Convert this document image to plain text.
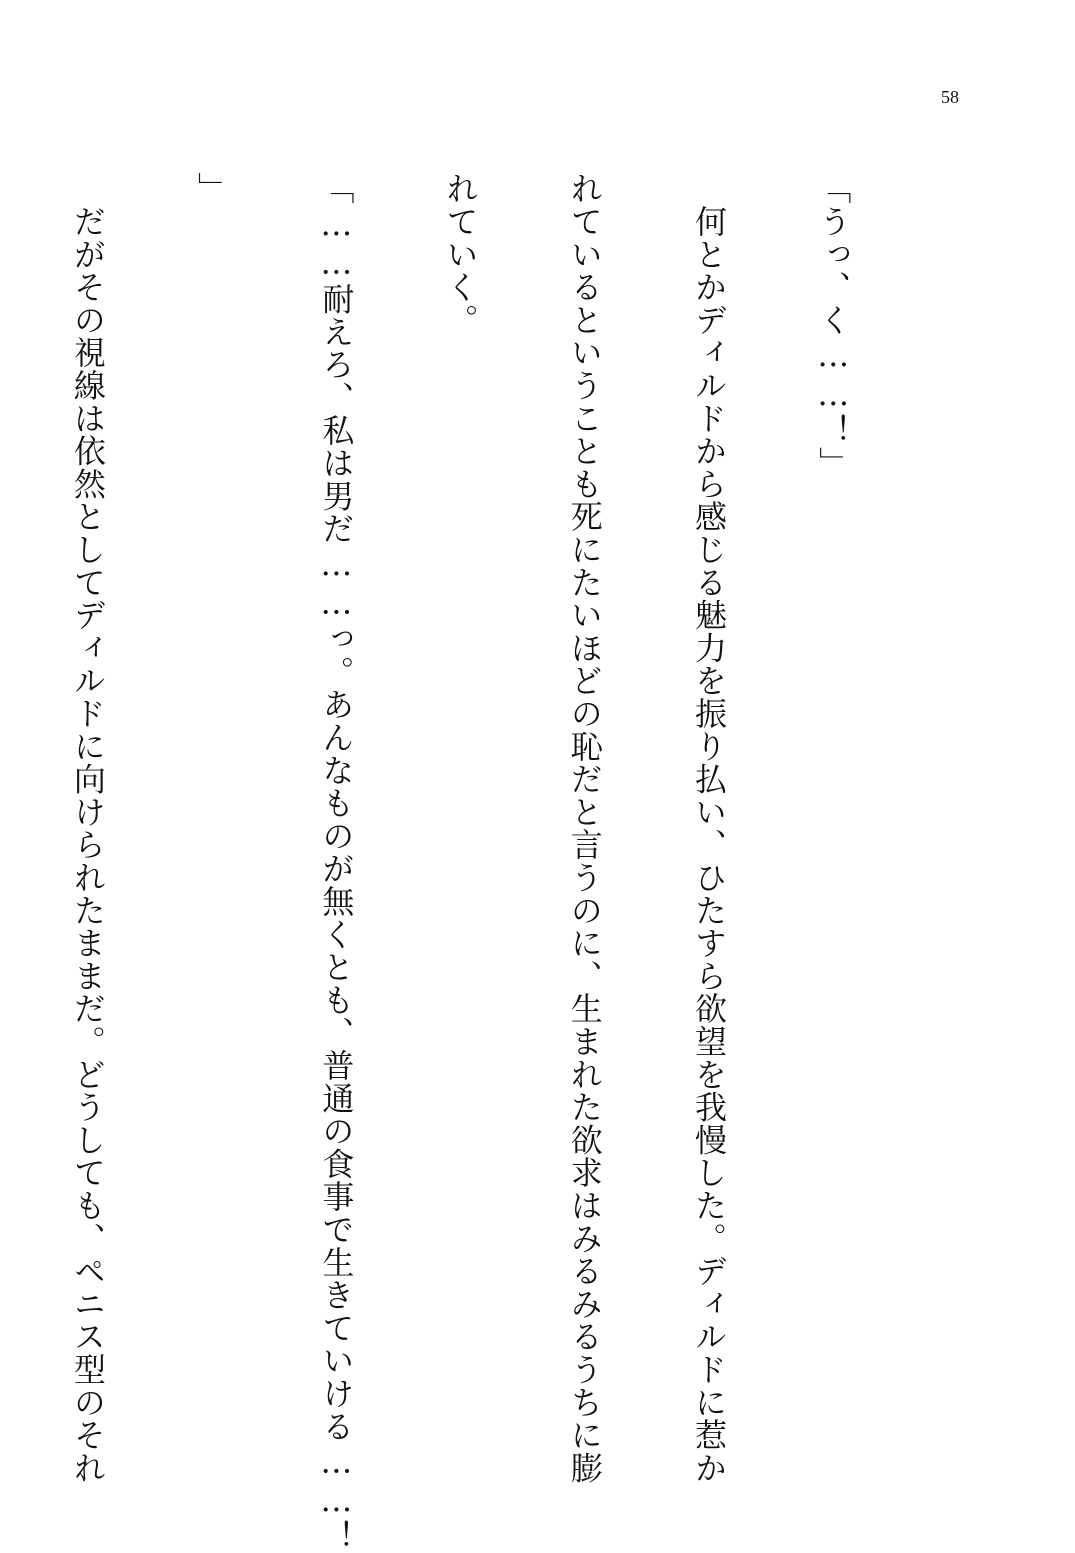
58

「うっ、く……！」

　何とかディルドから感じる魅力を振り払い、ひたすら欲望を我慢した。ディルドに惹か

れているということも死にたいほどの恥だと言うのに、生まれた欲求はみるみるうちに膨

れていく。

「……耐えろ、私は男だ……っ。あんなものが無くとも、普通の食事で生きていける……！

」

　だがその視線は依然としてディルドに向けられたままだ。どうしても、ペニス型のそれ
